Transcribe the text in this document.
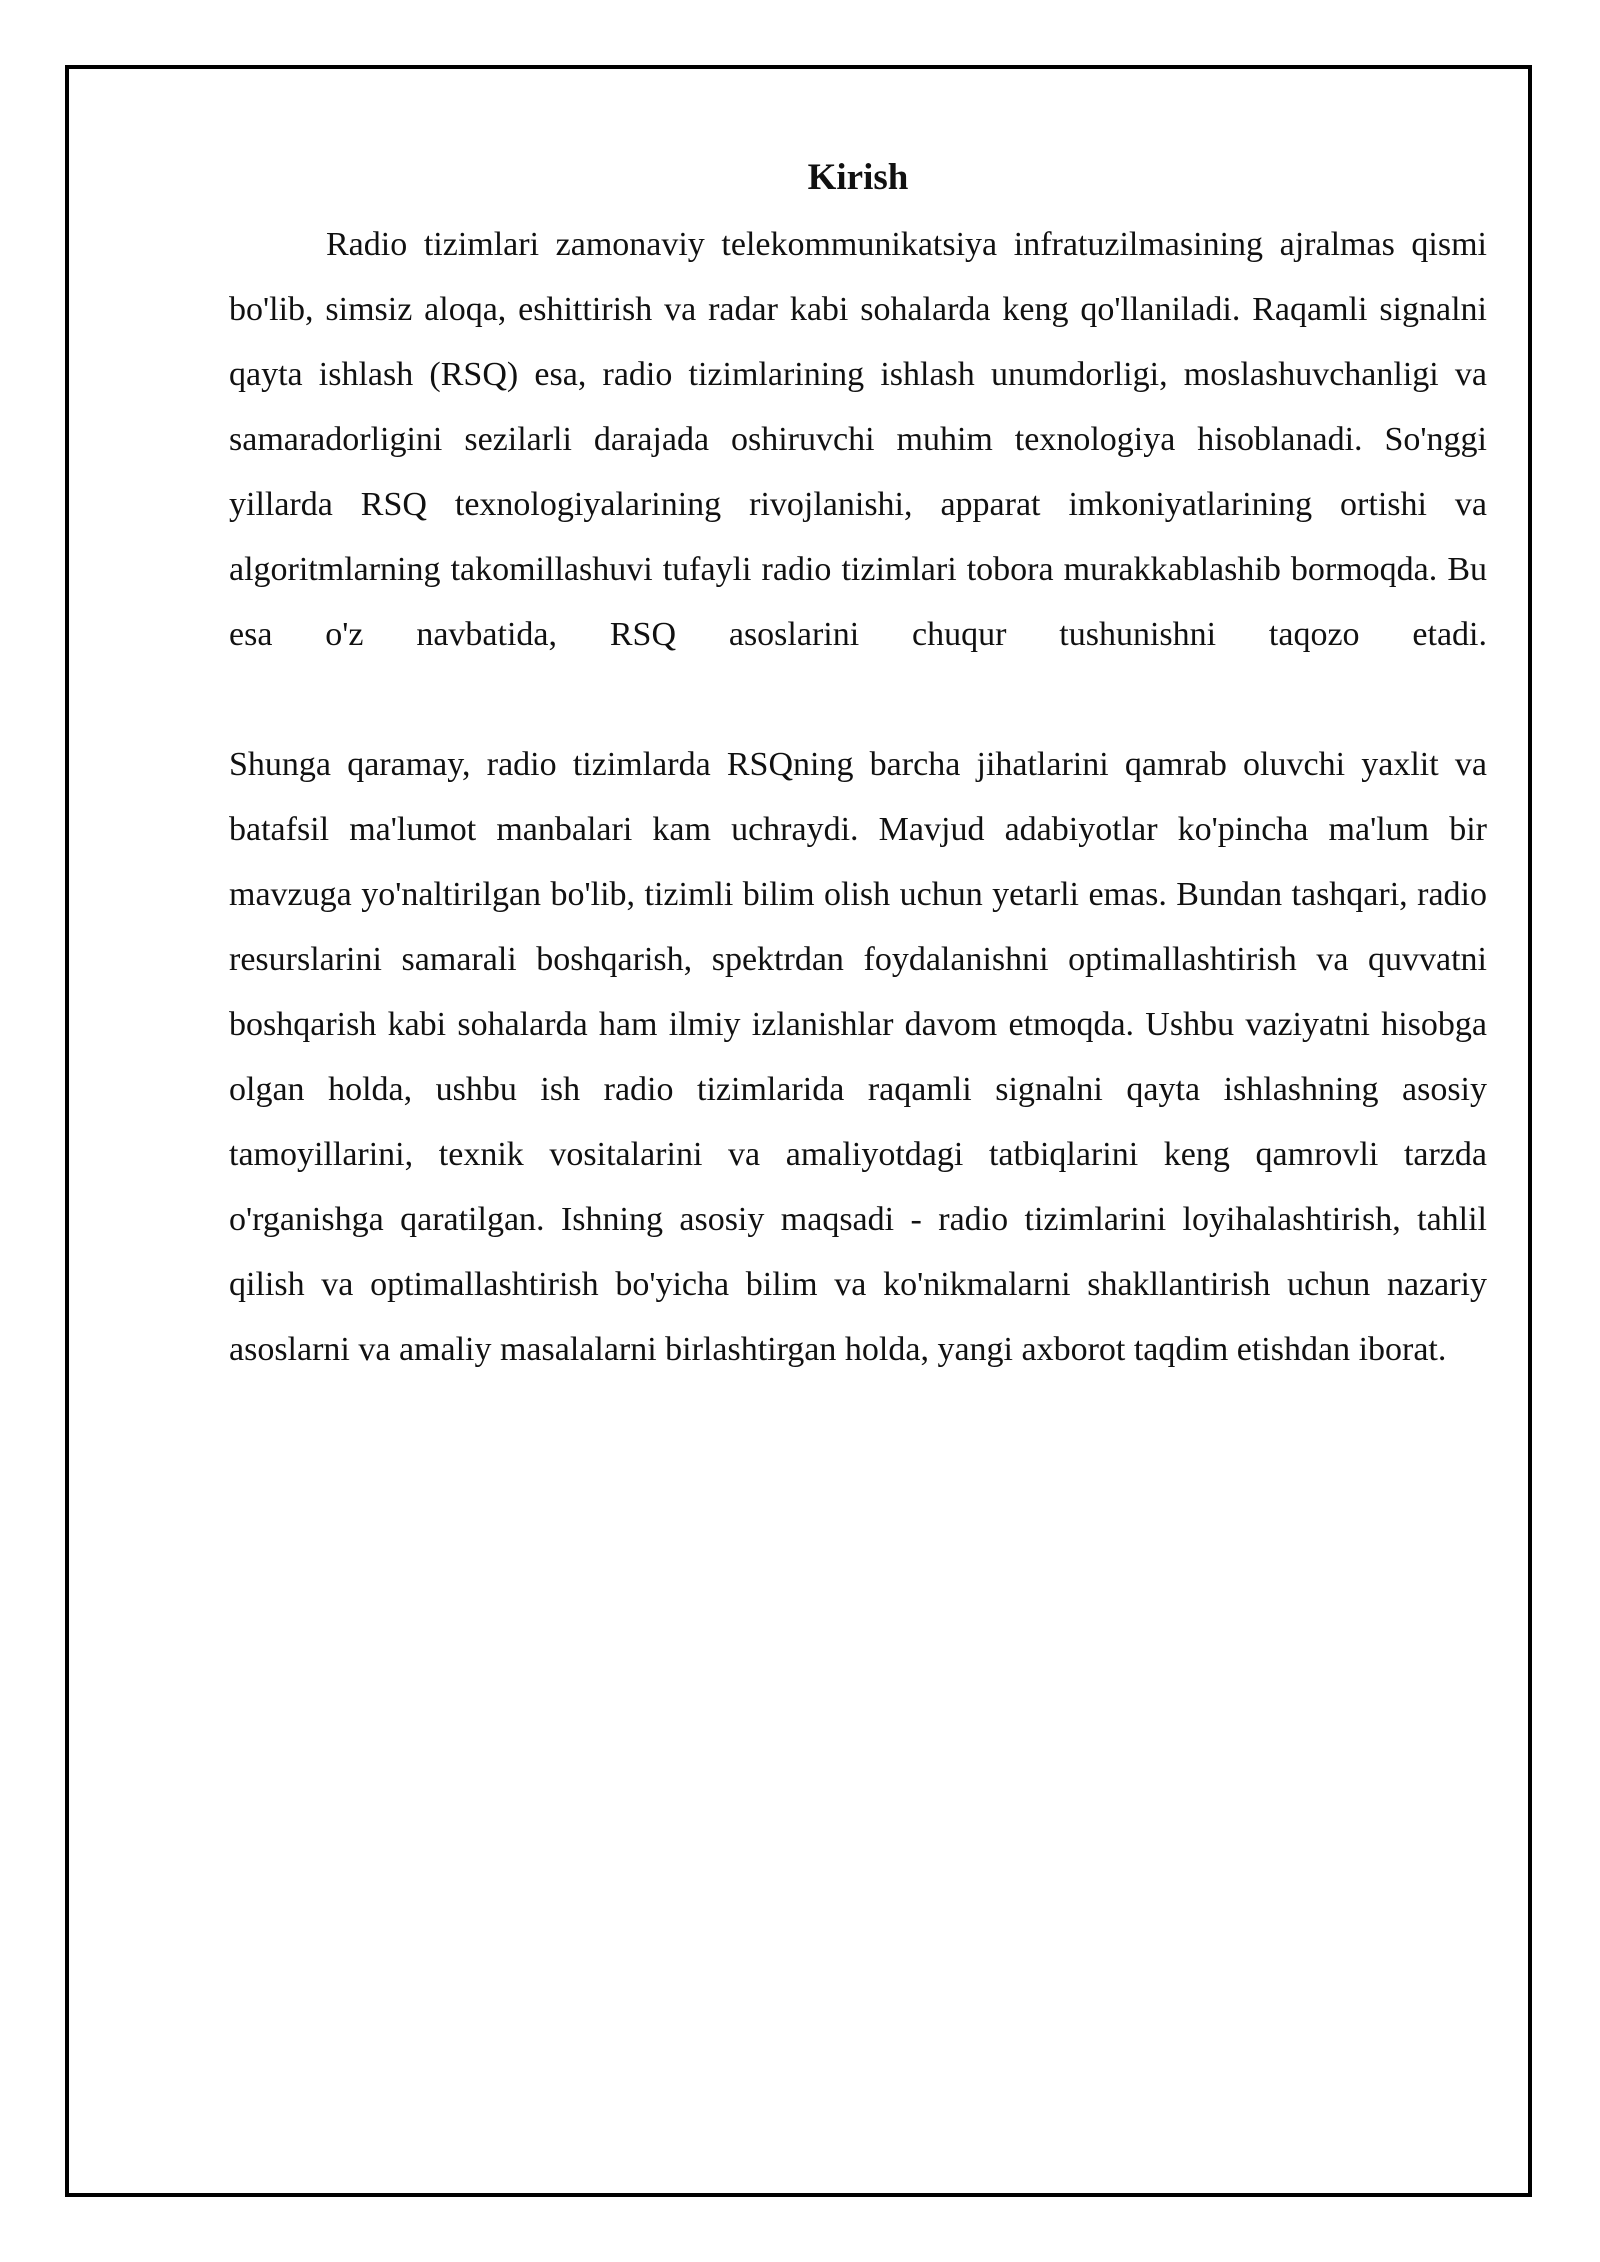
Kirish

Radio tizimlari zamonaviy telekommunikatsiya infratuzilmasining ajralmas qismi bo'lib, simsiz aloqa, eshittirish va radar kabi sohalarda keng qo'llaniladi. Raqamli signalni qayta ishlash (RSQ) esa, radio tizimlarining ishlash unumdorligi, moslashuvchanligi va samaradorligini sezilarli darajada oshiruvchi muhim texnologiya hisoblanadi. So'nggi yillarda RSQ texnologiyalarining rivojlanishi, apparat imkoniyatlarining ortishi va algoritmlarning takomillashuvi tufayli radio tizimlari tobora murakkablashib bormoqda. Bu esa o'z navbatida, RSQ asoslarini chuqur tushunishni taqozo etadi.

Shunga qaramay, radio tizimlarda RSQning barcha jihatlarini qamrab oluvchi yaxlit va batafsil ma'lumot manbalari kam uchraydi. Mavjud adabiyotlar ko'pincha ma'lum bir mavzuga yo'naltirilgan bo'lib, tizimli bilim olish uchun yetarli emas. Bundan tashqari, radio resurslarini samarali boshqarish, spektrdan foydalanishni optimallashtirish va quvvatni boshqarish kabi sohalarda ham ilmiy izlanishlar davom etmoqda. Ushbu vaziyatni hisobga olgan holda, ushbu ish radio tizimlarida raqamli signalni qayta ishlashning asosiy tamoyillarini, texnik vositalarini va amaliyotdagi tatbiqlarini keng qamrovli tarzda o'rganishga qaratilgan. Ishning asosiy maqsadi - radio tizimlarini loyihalashtirish, tahlil qilish va optimallashtirish bo'yicha bilim va ko'nikmalarni shakllantirish uchun nazariy asoslarni va amaliy masalalarni birlashtirgan holda, yangi axborot taqdim etishdan iborat.
